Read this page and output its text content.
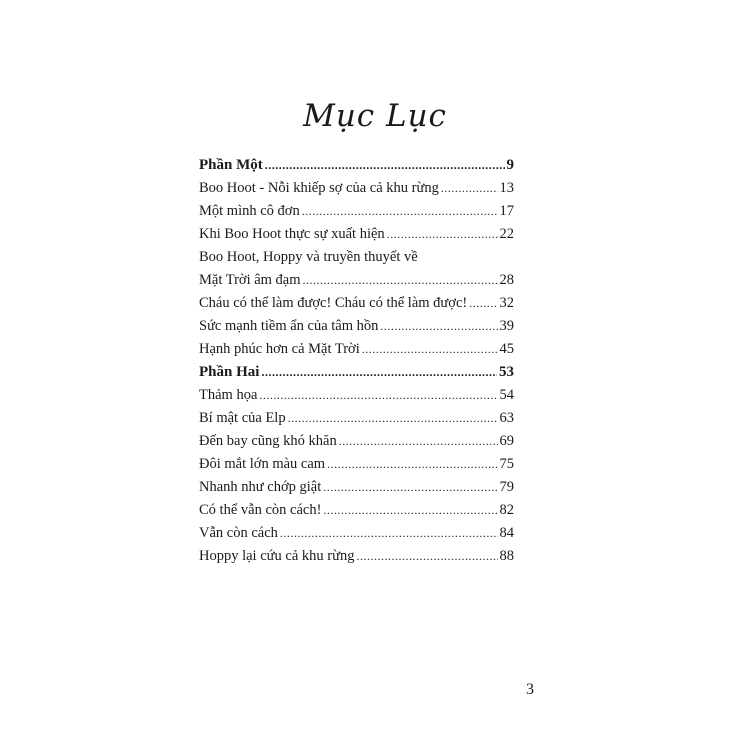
Mục Lục
Phần Một .....	9
Boo Hoot - Nỗi khiếp sợ của cả khu rừng .....	13
Một mình cô đơn .....	17
Khi Boo Hoot thực sự xuất hiện .....	22
Boo Hoot, Hoppy và truyền thuyết về
Mặt Trời âm đạm .....	28
Cháu có thể làm được! Cháu có thể làm được! ..... 32
Sức mạnh tiềm ẩn của tâm hồn .....	39
Hạnh phúc hơn cả Mặt Trời .....	45
Phần Hai .....	53
Thảm họa .....	54
Bí mật của Elp .....	63
Đến bay cũng khó khăn .....	69
Đôi mắt lớn màu cam .....	75
Nhanh như chớp giật .....	79
Có thể vẫn còn cách! .....	82
Vẫn còn cách .....	84
Hoppy lại cứu cả khu rừng .....	88
3
